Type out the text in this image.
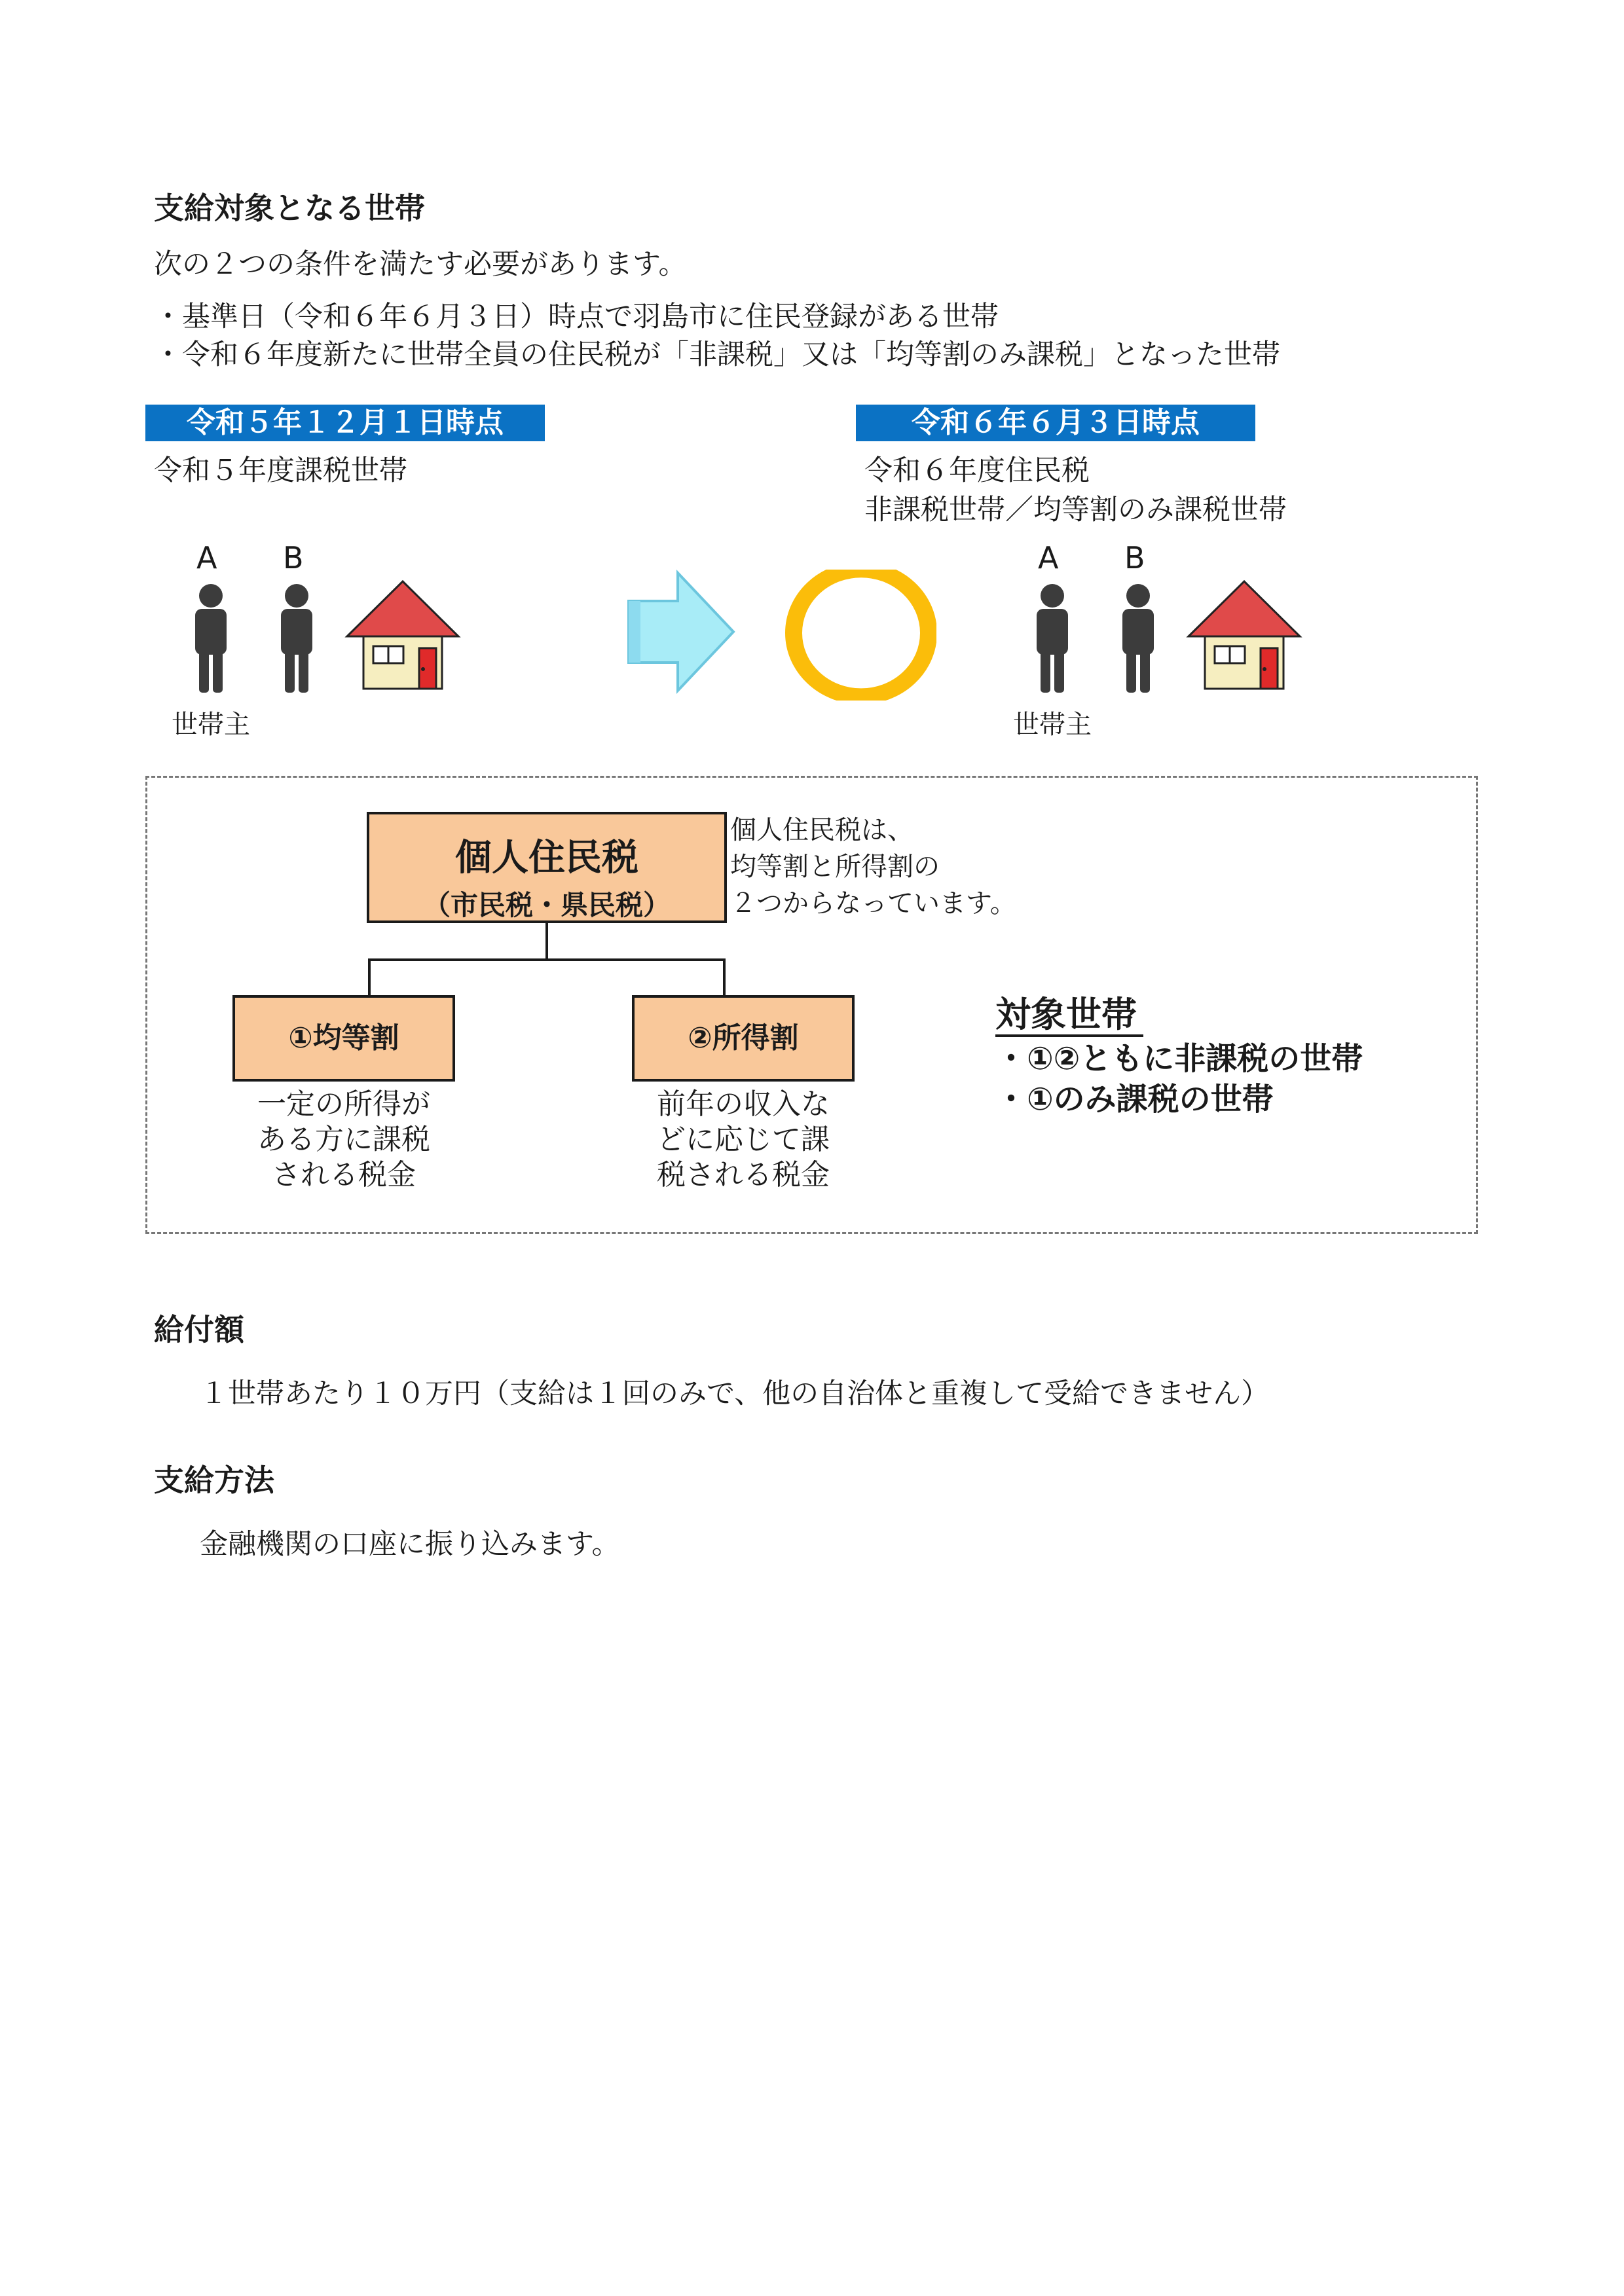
支給対象となる世帯
次の２つの条件を満たす必要があります。
・基準日（令和６年６月３日）時点で羽島市に住民登録がある世帯
・令和６年度新たに世帯全員の住民税が「非課税」又は「均等割のみ課税」となった世帯
令和５年１２月１日時点
令和５年度課税世帯
A B
世帯主
令和６年６月３日時点
令和６年度住民税
非課税世帯／均等割のみ課税世帯
A B
世帯主
個人住民税
（市民税・県民税）
個人住民税は、
均等割と所得割の
２つからなっています。
①均等割
一定の所得が
ある方に課税
される税金
②所得割
前年の収入な
どに応じて課
税される税金
対象世帯
・①②ともに非課税の世帯
・①のみ課税の世帯
給付額
１世帯あたり１０万円（支給は１回のみで、他の自治体と重複して受給できません）
支給方法
金融機関の口座に振り込みます。
